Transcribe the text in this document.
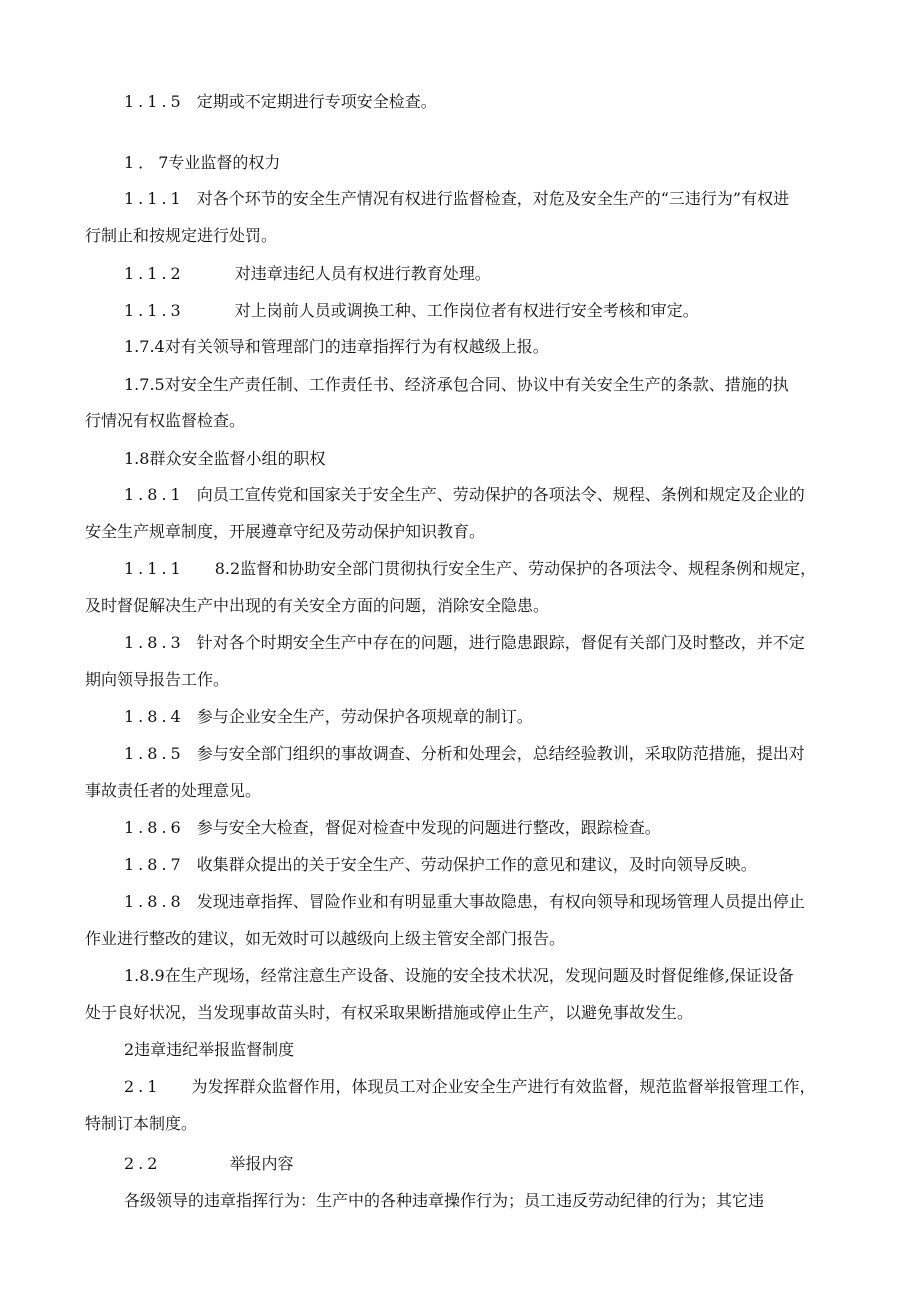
1.1.5 定期或不定期进行专项安全检查。
1．7专业监督的权力
1.1.1 对各个环节的安全生产情况有权进行监督检查，对危及安全生产的“三违行为”有权进
行制止和按规定进行处罚。
1.1.2	对违章违纪人员有权进行教育处理。
1.1.3	对上岗前人员或调换工种、工作岗位者有权进行安全考核和审定。
1.7.4对有关领导和管理部门的违章指挥行为有权越级上报。
1.7.5对安全生产责任制、工作责任书、经济承包合同、协议中有关安全生产的条款、措施的执
行情况有权监督检查。
1.8群众安全监督小组的职权
1.8.1 向员工宣传党和国家关于安全生产、劳动保护的各项法令、规程、条例和规定及企业的
安全生产规章制度，开展遵章守纪及劳动保护知识教育。
1.1.1 8.2监督和协助安全部门贯彻执行安全生产、劳动保护的各项法令、规程条例和规定，
及时督促解决生产中出现的有关安全方面的问题，消除安全隐患。
1.8.3 针对各个时期安全生产中存在的问题，进行隐患跟踪，督促有关部门及时整改，并不定
期向领导报告工作。
1.8.4 参与企业安全生产，劳动保护各项规章的制订。
1.8.5 参与安全部门组织的事故调查、分析和处理会，总结经验教训，采取防范措施，提出对
事故责任者的处理意见。
1.8.6 参与安全大检查，督促对检查中发现的问题进行整改，跟踪检查。
1.8.7 收集群众提出的关于安全生产、劳动保护工作的意见和建议，及时向领导反映。
1.8.8 发现违章指挥、冒险作业和有明显重大事故隐患，有权向领导和现场管理人员提出停止
作业进行整改的建议，如无效时可以越级向上级主管安全部门报告。
1.8.9在生产现场，经常注意生产设备、设施的安全技术状况，发现问题及时督促维修,保证设备
处于良好状况，当发现事故苗头时，有权采取果断措施或停止生产，以避免事故发生。
2违章违纪举报监督制度
2.1 为发挥群众监督作用，体现员工对企业安全生产进行有效监督，规范监督举报管理工作，
特制订本制度。
2.2	举报内容
各级领导的违章指挥行为：生产中的各种违章操作行为；员工违反劳动纪律的行为；其它违
